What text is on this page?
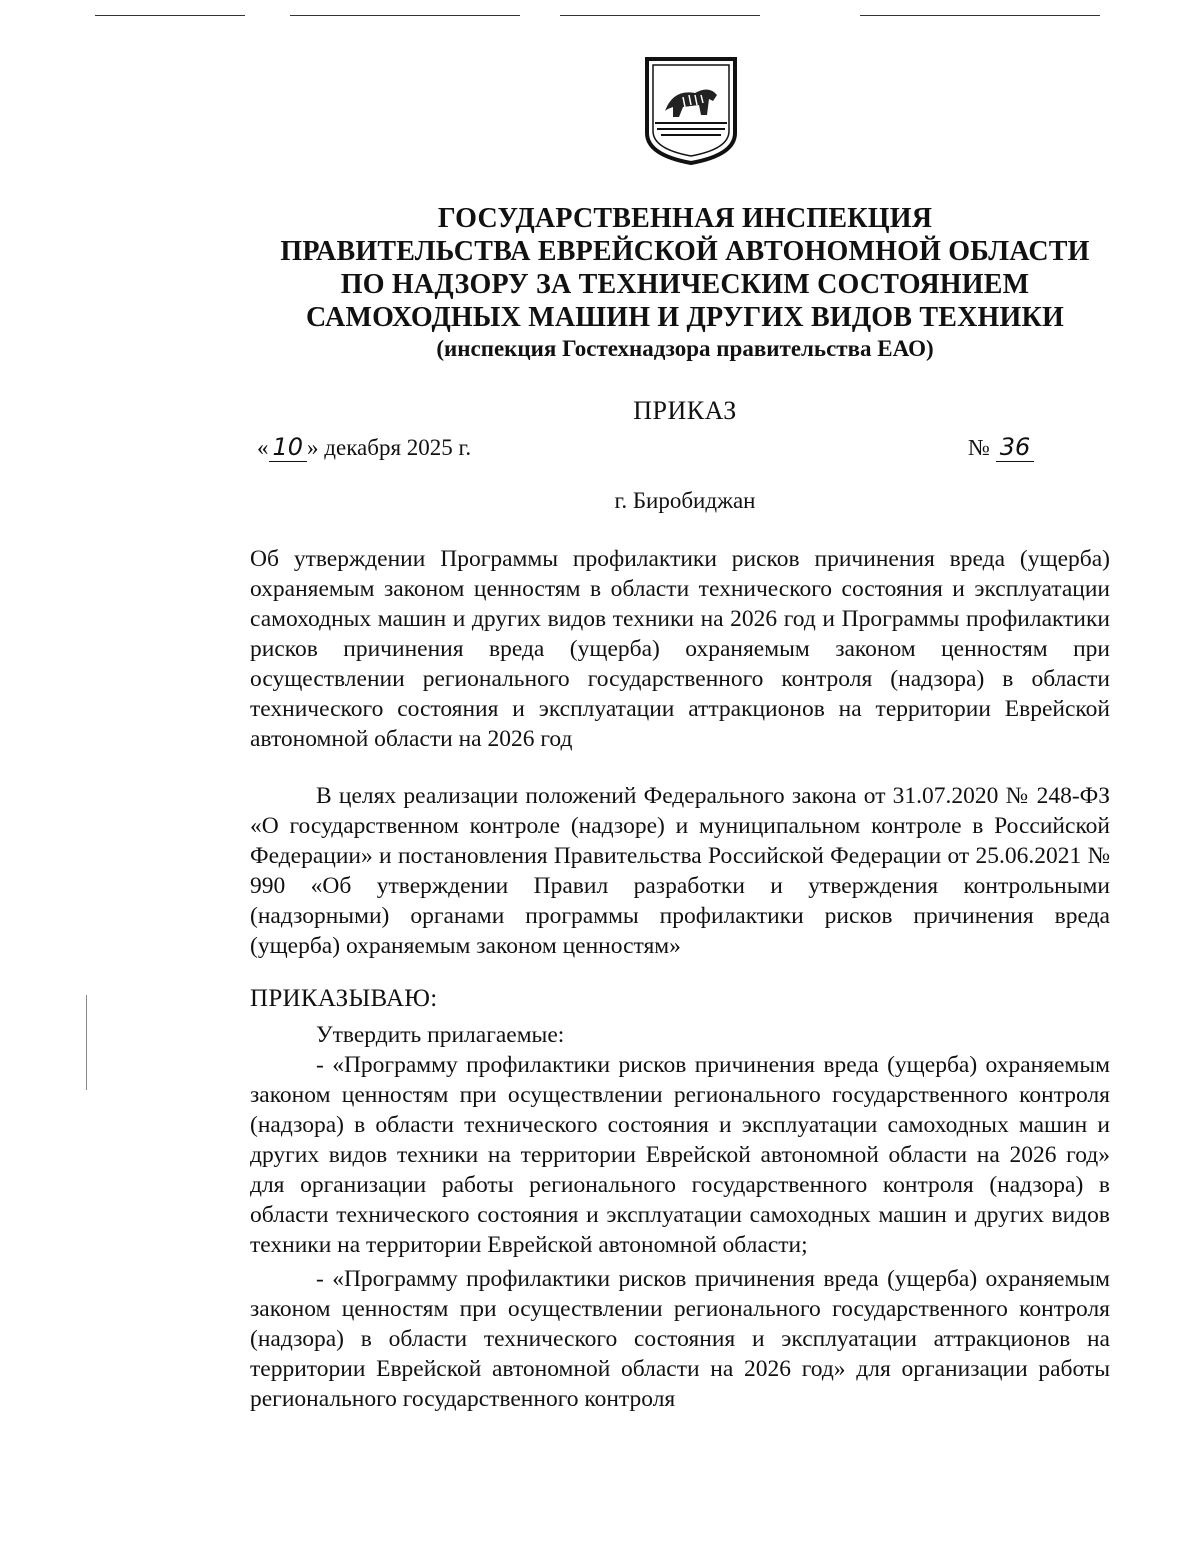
ГОСУДАРСТВЕННАЯ ИНСПЕКЦИЯ
ПРАВИТЕЛЬСТВА ЕВРЕЙСКОЙ АВТОНОМНОЙ ОБЛАСТИ
ПО НАДЗОРУ ЗА ТЕХНИЧЕСКИМ СОСТОЯНИЕМ
САМОХОДНЫХ МАШИН И ДРУГИХ ВИДОВ ТЕХНИКИ
(инспекция Гостехнадзора правительства ЕАО)
ПРИКАЗ
« 10 » декабря 2025 г.	№ 36
г. Биробиджан

Об утверждении Программы профилактики рисков причинения вреда (ущерба) охраняемым законом ценностям в области технического состояния и эксплуатации самоходных машин и других видов техники на 2026 год и Программы профилактики рисков причинения вреда (ущерба) охраняемым законом ценностям при осуществлении регионального государственного контроля (надзора) в области технического состояния и эксплуатации аттракционов на территории Еврейской автономной области на 2026 год

В целях реализации положений Федерального закона от 31.07.2020 № 248-ФЗ «О государственном контроле (надзоре) и муниципальном контроле в Российской Федерации» и постановления Правительства Российской Федерации от 25.06.2021 № 990 «Об утверждении Правил разработки и утверждения контрольными (надзорными) органами программы профилактики рисков причинения вреда (ущерба) охраняемым законом ценностям»

ПРИКАЗЫВАЮ:

Утвердить прилагаемые:

- «Программу профилактики рисков причинения вреда (ущерба) охраняемым законом ценностям при осуществлении регионального государственного контроля (надзора) в области технического состояния и эксплуатации самоходных машин и других видов техники на территории Еврейской автономной области на 2026 год» для организации работы регионального государственного контроля (надзора) в области технического состояния и эксплуатации самоходных машин и других видов техники на территории Еврейской автономной области;

- «Программу профилактики рисков причинения вреда (ущерба) охраняемым законом ценностям при осуществлении регионального государственного контроля (надзора) в области технического состояния и эксплуатации аттракционов на территории Еврейской автономной области на 2026 год» для организации работы регионального государственного контроля
